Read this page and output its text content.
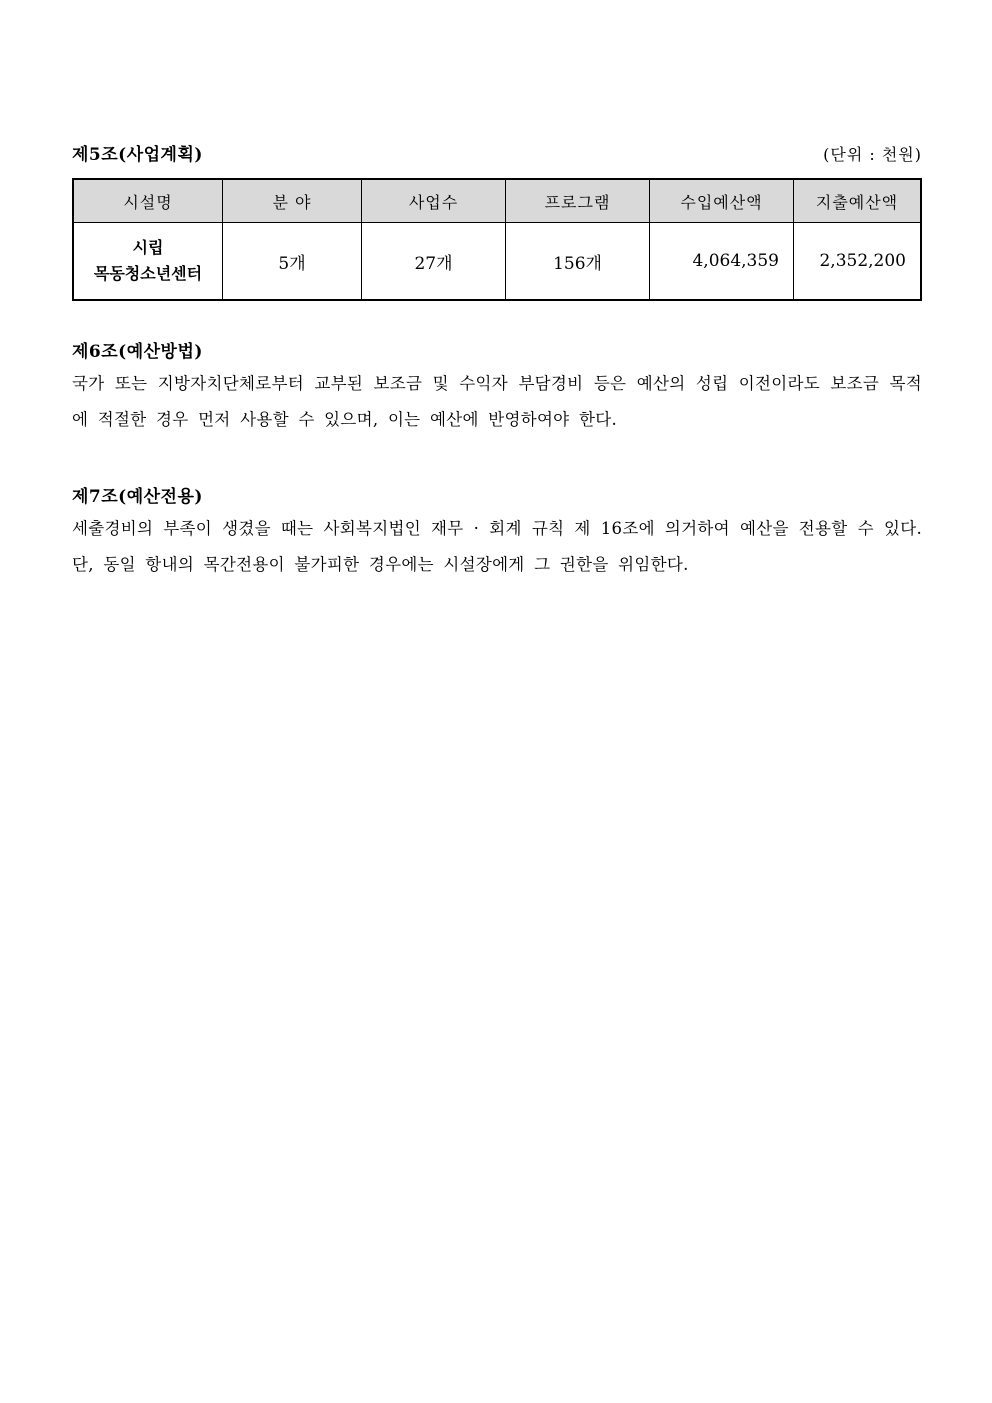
제5조(사업계획)	(단위 : 천원)
시설명	분 야	사업수	프로그램	수입예산액	지출예산액

시립
목동청소년센터	5개	27개	156개	4,064,359	2,352,200
제6조(예산방법)
국가 또는 지방자치단체로부터 교부된 보조금 및 수익자 부담경비 등은 예산의 성립 이전이라도 보조금 목적에 적절한 경우 먼저 사용할 수 있으며, 이는 예산에 반영하여야 한다.
제7조(예산전용)
세출경비의 부족이 생겼을 때는 사회복지법인 재무 · 회계 규칙 제 16조에 의거하여 예산을 전용할 수 있다. 단, 동일 항내의 목간전용이 불가피한 경우에는 시설장에게 그 권한을 위임한다.
